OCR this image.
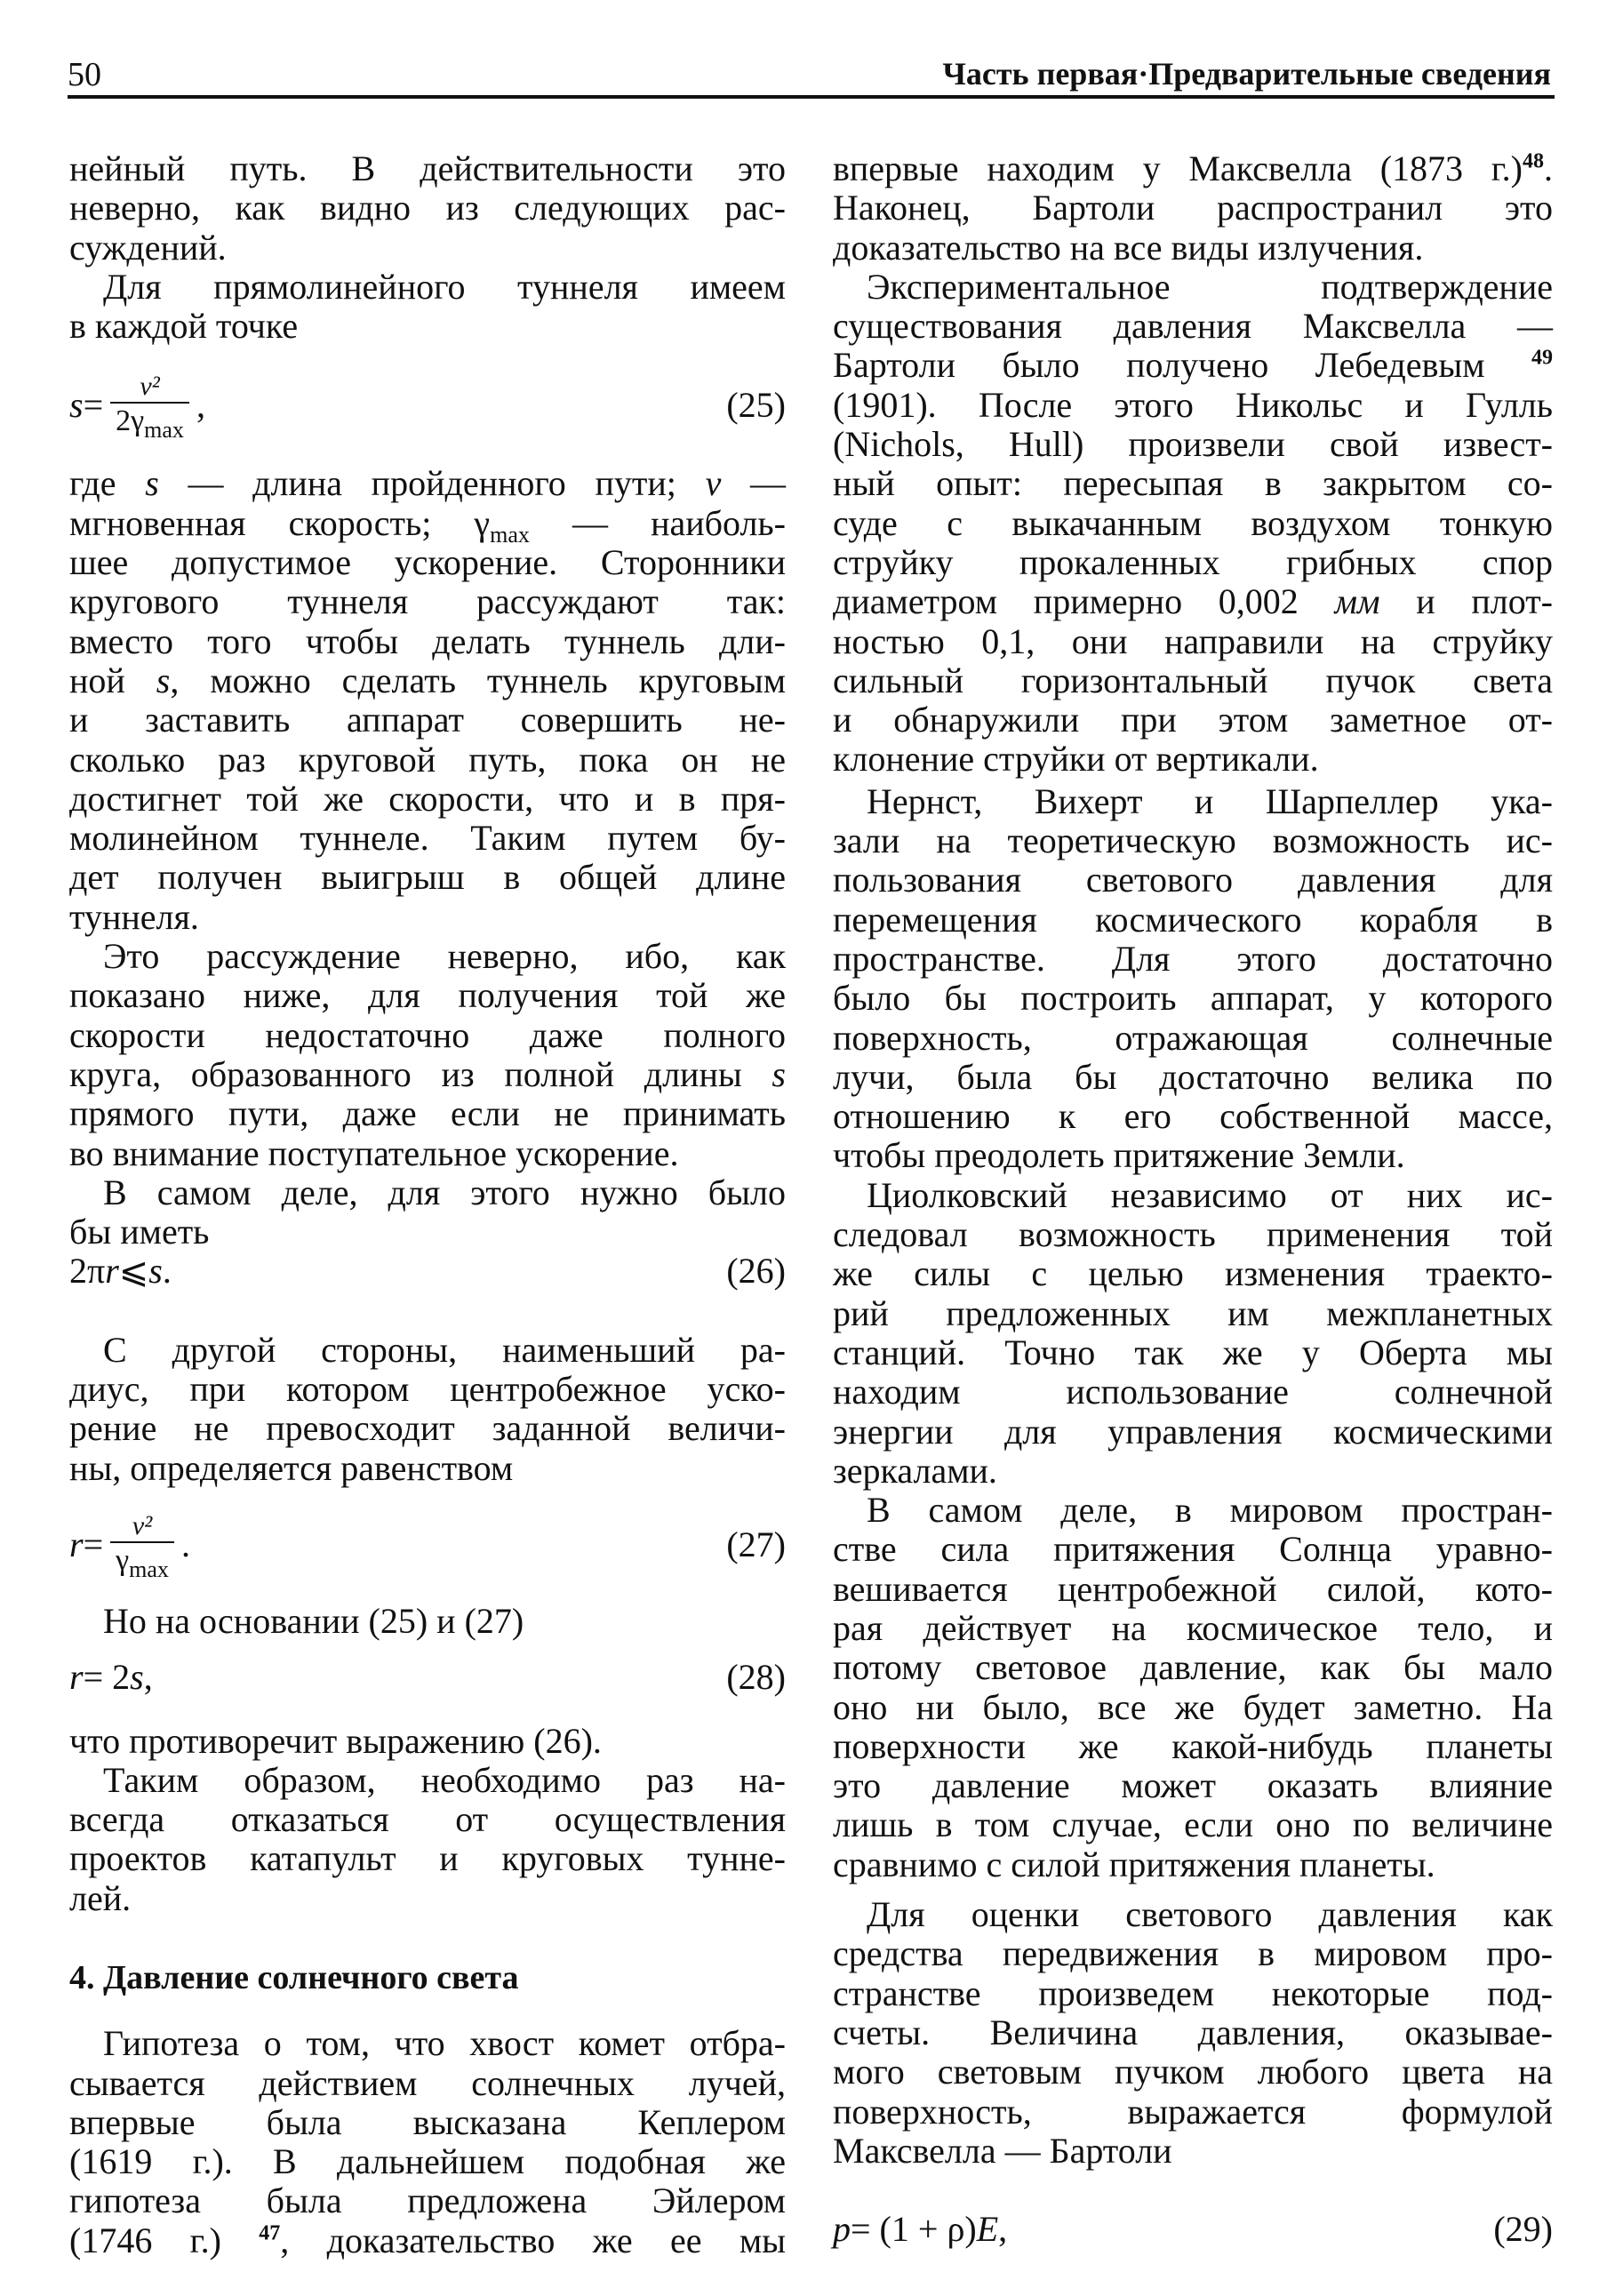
50	Часть первая·Предварительные сведения
нейный путь. В действительности это
неверно, как видно из следующих рас-
суждений.
Для прямолинейного туннеля имеем
в каждой точке
$s = \frac{\text{v²}}{2\gamma_{max}}$ ,	(25)
где s — длина пройденного пути; v —
мгновенная скорость; $\gamma_{max}$ — наиболь-
шее допустимое ускорение. Сторонники
кругового туннеля рассуждают так:
вместо того чтобы делать туннель дли-
ной s, можно сделать туннель круговым
и заставить аппарат совершить не-
сколько раз круговой путь, пока он не
достигнет той же скорости, что и в пря-
молинейном туннеле. Таким путем бу-
дет получен выигрыш в общей длине
туннеля.
Это рассуждение неверно, ибо, как
показано ниже, для получения той же
скорости недостаточно даже полного
круга, образованного из полной длины s
прямого пути, даже если не принимать
во внимание поступательное ускорение.
В самом деле, для этого нужно было
бы иметь
2π r ⩽ s .	(26)
С другой стороны, наименьший ра-
диус, при котором центробежное уско-
рение не превосходит заданной величи-
ны, определяется равенством
$r = \frac{\text{v²}}{\gamma_{max}}$ .	(27)
Но на основании (25) и (27)
r = 2 s ,	(28)
что противоречит выражению (26).
Таким образом, необходимо раз на-
всегда отказаться от осуществления
проектов катапульт и круговых тунне-
лей.
4. Давление солнечного света
Гипотеза о том, что хвост комет отбра-
сывается действием солнечных лучей,
впервые была высказана Кеплером
(1619 г.). В дальнейшем подобная же
гипотеза была предложена Эйлером
(1746 г.) $^{47}$, доказательство же ее мы
впервые находим у Максвелла (1873 г.)$^{48}$.
Наконец, Бартоли распространил это
доказательство на все виды излучения.
Экспериментальное подтверждение
существования давления Максвелла —
Бартоли было получено Лебедевым $^{49}$
(1901). После этого Никольс и Гулль
(Nichols, Hull) произвели свой извест-
ный опыт: пересыпая в закрытом со-
суде с выкачанным воздухом тонкую
струйку прокаленных грибных спор
диаметром примерно 0,002 мм и плот-
ностью 0,1, они направили на струйку
сильный горизонтальный пучок света
и обнаружили при этом заметное от-
клонение струйки от вертикали.
Нернст, Вихерт и Шарпеллер ука-
зали на теоретическую возможность ис-
пользования светового давления для
перемещения космического корабля в
пространстве. Для этого достаточно
было бы построить аппарат, у которого
поверхность, отражающая солнечные
лучи, была бы достаточно велика по
отношению к его собственной массе,
чтобы преодолеть притяжение Земли.
Циолковский независимо от них ис-
следовал возможность применения той
же силы с целью изменения траекто-
рий предложенных им межпланетных
станций. Точно так же у Оберта мы
находим использование солнечной
энергии для управления космическими
зеркалами.
В самом деле, в мировом простран-
стве сила притяжения Солнца уравно-
вешивается центробежной силой, кото-
рая действует на космическое тело, и
потому световое давление, как бы мало
оно ни было, все же будет заметно. На
поверхности же какой-нибудь планеты
это давление может оказать влияние
лишь в том случае, если оно по величине
сравнимо с силой притяжения планеты.
Для оценки светового давления как
средства передвижения в мировом про-
странстве произведем некоторые под-
счеты. Величина давления, оказывае-
мого световым пучком любого цвета на
поверхность, выражается формулой
Максвелла — Бартоли
p = (1 + ρ) E ,	(29)
